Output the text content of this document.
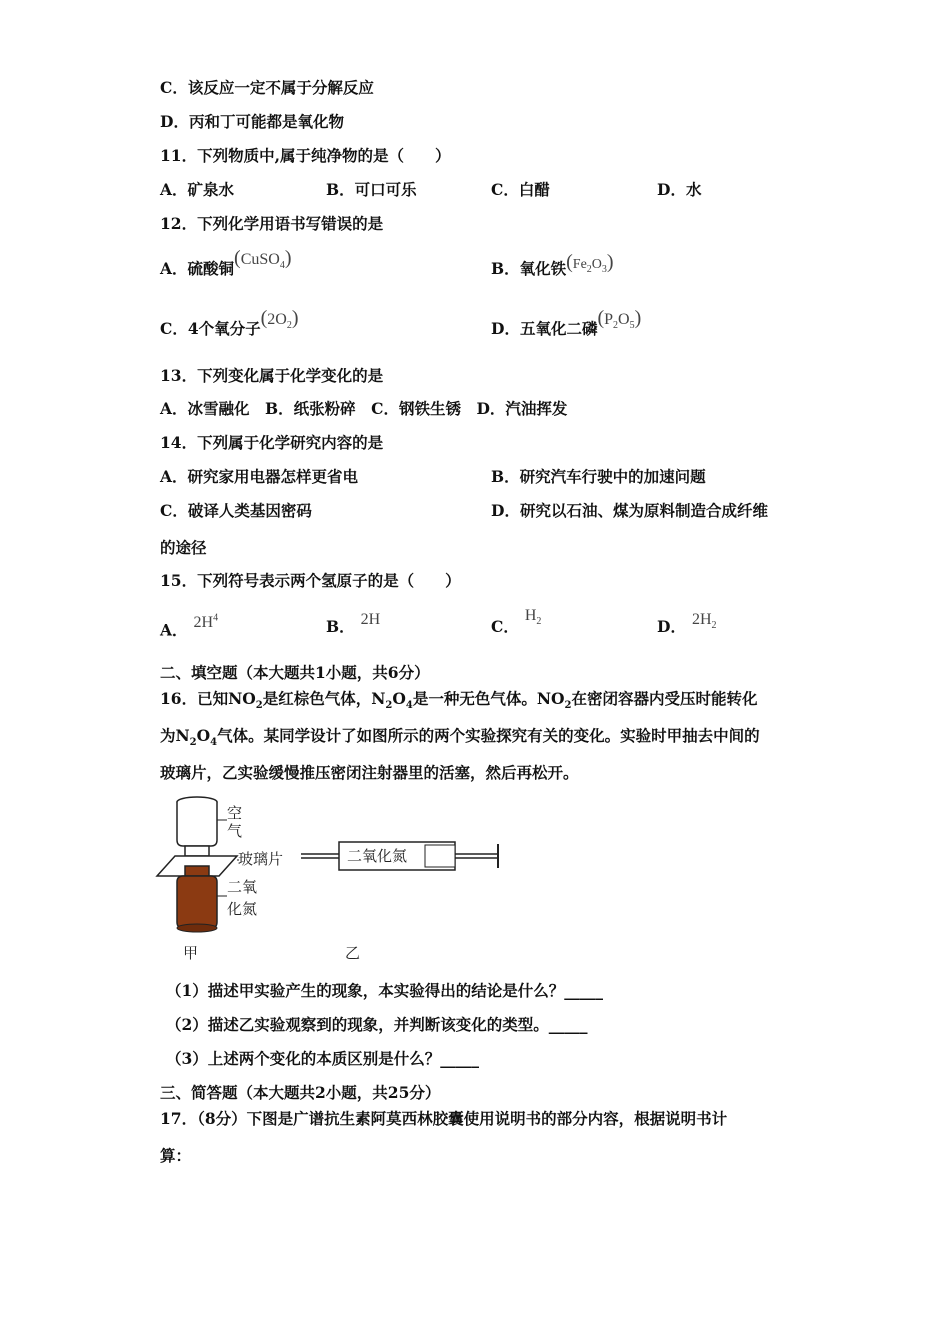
C．该反应一定不属于分解反应
D．丙和丁可能都是氧化物
11．下列物质中,属于纯净物的是（　　）
A．矿泉水	B．可口可乐	C．白醋	D．水
12．下列化学用语书写错误的是
A．硫酸铜(CuSO$_4$)	B．氧化铁$(Fe_2O_3)$
C．4个氧分子$(2O_2)$	D．五氧化二磷$(P_2O_5)$
13．下列变化属于化学变化的是
A．冰雪融化　B．纸张粉碎　C．钢铁生锈　D．汽油挥发
14．下列属于化学研究内容的是
A．研究家用电器怎样更省电	B．研究汽车行驶中的加速问题
C．破译人类基因密码	D．研究以石油、煤为原料制造合成纤维
的途径
15．下列符号表示两个氢原子的是（　　）
A． $2H^4$	B． 2H	C．$H_2$	D． $2H_2$
二、填空题（本大题共1小题，共6分）
16．已知$NO_2$是红棕色气体，$N_2O_4$是一种无色气体。$NO_2$在密闭容器内受压时能转化
为$N_2O_4$气体。某同学设计了如图所示的两个实验探究有关的变化。实验时甲抽去中间的
玻璃片，乙实验缓慢推压密闭注射器里的活塞，然后再松开。
空
气
玻璃片
二氧
化氮
二氧化氮
甲	乙
（1）描述甲实验产生的现象，本实验得出的结论是什么？_____
（2）描述乙实验观察到的现象，并判断该变化的类型。_____
（3）上述两个变化的本质区别是什么？_____
三、简答题（本大题共2小题，共25分）
17．（8分）下图是广谱抗生素阿莫西林胶囊使用说明书的部分内容，根据说明书计
算：
